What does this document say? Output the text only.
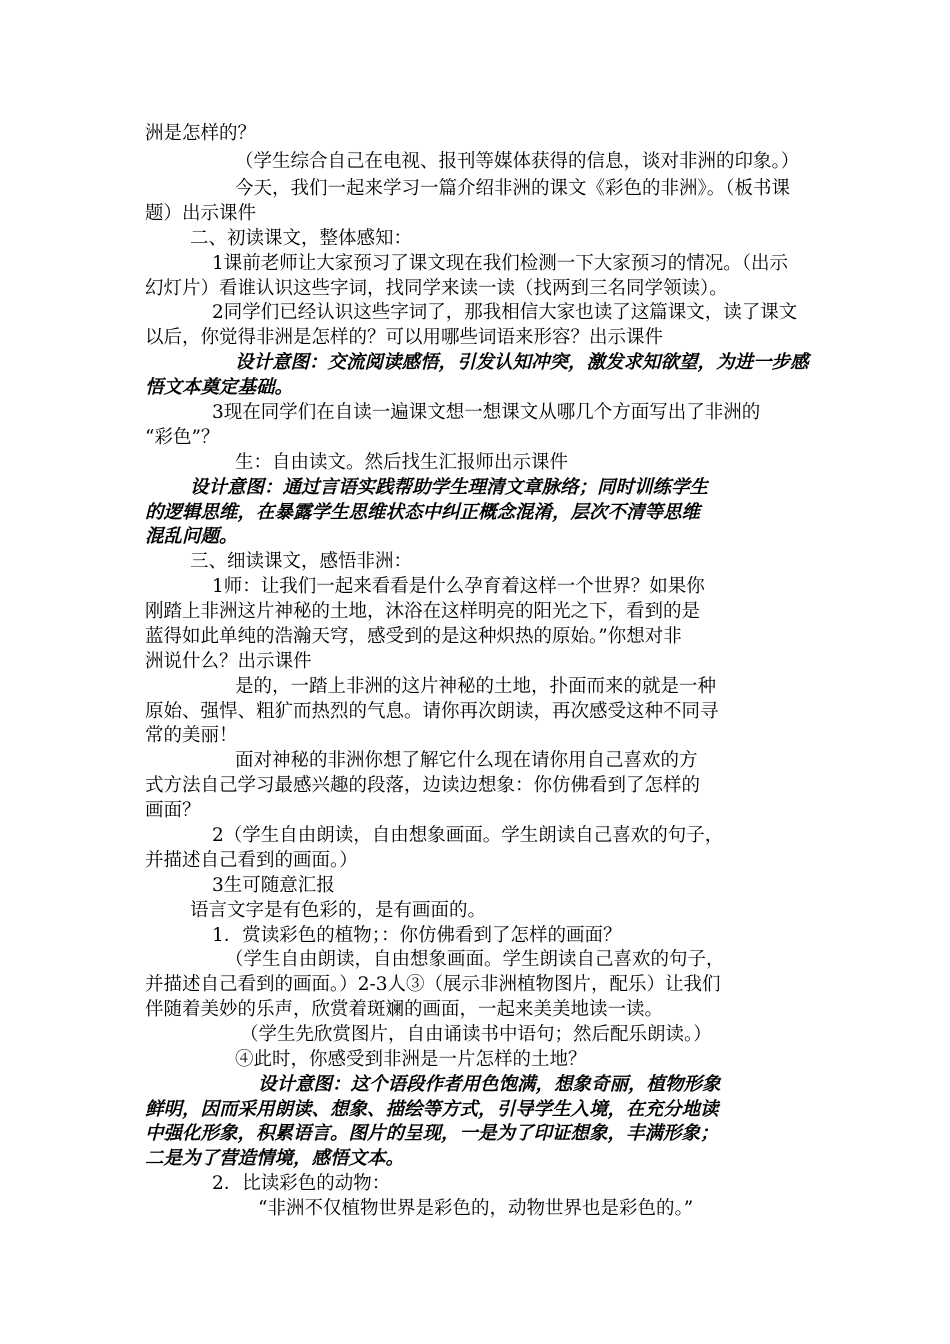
洲是怎样的？
（学生综合自己在电视、报刊等媒体获得的信息，谈对非洲的印象。）
今天，我们一起来学习一篇介绍非洲的课文《彩色的非洲》。（板书课
题）出示课件
二、初读课文，整体感知：
1课前老师让大家预习了课文现在我们检测一下大家预习的情况。（出示
幻灯片）看谁认识这些字词，找同学来读一读（找两到三名同学领读）。
2同学们已经认识这些字词了，那我相信大家也读了这篇课文，读了课文
以后，你觉得非洲是怎样的？可以用哪些词语来形容？出示课件
设计意图：交流阅读感悟，引发认知冲突，激发求知欲望，为进一步感
悟文本奠定基础。
3现在同学们在自读一遍课文想一想课文从哪几个方面写出了非洲的
“彩色”？
生：自由读文。然后找生汇报师出示课件
设计意图：通过言语实践帮助学生理清文章脉络；同时训练学生
的逻辑思维，在暴露学生思维状态中纠正概念混淆，层次不清等思维
混乱问题。
三、细读课文，感悟非洲：
1师：让我们一起来看看是什么孕育着这样一个世界？如果你
刚踏上非洲这片神秘的土地，沐浴在这样明亮的阳光之下，看到的是
蓝得如此单纯的浩瀚天穹，感受到的是这种炽热的原始。”你想对非
洲说什么？出示课件
是的，一踏上非洲的这片神秘的土地，扑面而来的就是一种
原始、强悍、粗犷而热烈的气息。请你再次朗读，再次感受这种不同寻
常的美丽！
面对神秘的非洲你想了解它什么现在请你用自己喜欢的方
式方法自己学习最感兴趣的段落，边读边想象：你仿佛看到了怎样的
画面？
2（学生自由朗读，自由想象画面。学生朗读自己喜欢的句子，
并描述自己看到的画面。）
3生可随意汇报
语言文字是有色彩的，是有画面的。
1．赏读彩色的植物；：你仿佛看到了怎样的画面？
（学生自由朗读，自由想象画面。学生朗读自己喜欢的句子，
并描述自己看到的画面。）2-3人③（展示非洲植物图片，配乐）让我们
伴随着美妙的乐声，欣赏着斑斓的画面，一起来美美地读一读。
（学生先欣赏图片，自由诵读书中语句；然后配乐朗读。）
④此时，你感受到非洲是一片怎样的土地？
设计意图：这个语段作者用色饱满，想象奇丽，植物形象
鲜明，因而采用朗读、想象、描绘等方式，引导学生入境，在充分地读
中强化形象，积累语言。图片的呈现，一是为了印证想象，丰满形象；
二是为了营造情境，感悟文本。
2．比读彩色的动物：
“非洲不仅植物世界是彩色的，动物世界也是彩色的。”
